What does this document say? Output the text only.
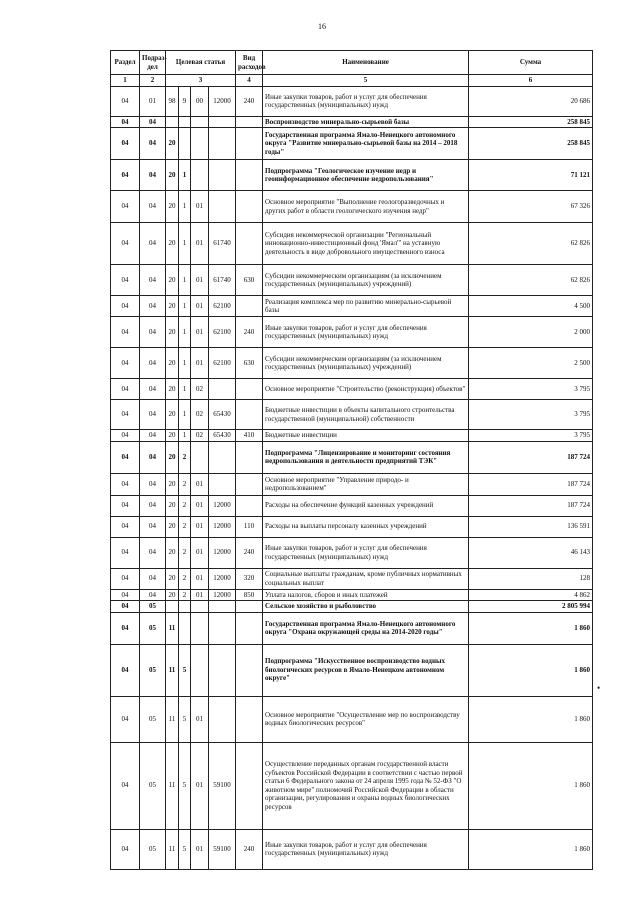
16
Раздел	Подраз-дел	Целевая статья				Вид расходов	Наименование	Сумма
1	2	3				4	5	6
04	01	98	9	00	12000	240	Иные закупки товаров, работ и услуг для обеспечения государственных (муниципальных) нужд	20 686
04	04						Воспроизводство минерально-сырьевой базы	258 845
04	04	20					Государственная программа Ямало-Ненецкого автономного округа "Развитие минерально-сырьевой базы на 2014 – 2018 годы"	258 845
04	04	20	1				Подпрограмма "Геологическое изучение недр и геоинформационное обеспечение недропользования"	71 121
04	04	20	1	01			Основное мероприятие "Выполнение геологоразведочных и других работ в области геологического изучения недр"	67 326
04	04	20	1	01	61740		Субсидия некоммерческой организации "Региональный инновационно-инвестиционный фонд 'Ямал'" на уставную деятельность в виде добровольного имущественного взноса	62 826
04	04	20	1	01	61740	630	Субсидии некоммерческим организациям (за исключением государственных (муниципальных) учреждений)	62 826
04	04	20	1	01	62100		Реализация комплекса мер по развитию минерально-сырьевой базы	4 500
04	04	20	1	01	62100	240	Иные закупки товаров, работ и услуг для обеспечения государственных (муниципальных) нужд	2 000
04	04	20	1	01	62100	630	Субсидии некоммерческим организациям (за исключением государственных (муниципальных) учреждений)	2 500
04	04	20	1	02			Основное мероприятие "Строительство (реконструкция) объектов"	3 795
04	04	20	1	02	65430		Бюджетные инвестиции в объекты капитального строительства государственной (муниципальной) собственности	3 795
04	04	20	1	02	65430	410	Бюджетные инвестиции	3 795
04	04	20	2				Подпрограмма "Лицензирование и мониторинг состояния недропользования и деятельности предприятий ТЭК"	187 724
04	04	20	2	01			Основное мероприятие "Управление природо- и недропользованием"	187 724
04	04	20	2	01	12000		Расходы на обеспечение функций казенных учреждений	187 724
04	04	20	2	01	12000	110	Расходы на выплаты персоналу казенных учреждений	136 591
04	04	20	2	01	12000	240	Иные закупки товаров, работ и услуг для обеспечения государственных (муниципальных) нужд	46 143
04	04	20	2	01	12000	320	Социальные выплаты гражданам, кроме публичных нормативных социальных выплат	128
04	04	20	2	01	12000	850	Уплата налогов, сборов и иных платежей	4 862
04	05						Сельское хозяйство и рыболовство	2 805 994
04	05	11					Государственная программа Ямало-Ненецкого автономного округа "Охрана окружающей среды на 2014-2020 годы"	1 860
04	05	11	5				Подпрограмма "Искусственное воспроизводство водных биологических ресурсов в Ямало-Ненецком автономном округе"	1 860
04	05	11	5	01			Основное мероприятие "Осуществление мер по воспроизводству водных биологических ресурсов"	1 860
04	05	11	5	01	59100		Осуществление переданных органам государственной власти субъектов Российской Федерации в соответствии с частью первой статьи 6 Федерального закона от 24 апреля 1995 года № 52-ФЗ "О животном мире" полномочий Российской Федерации в области организации, регулирования и охраны водных биологических ресурсов	1 860
04	05	11	5	01	59100	240	Иные закупки товаров, работ и услуг для обеспечения государственных (муниципальных) нужд	1 860
•
